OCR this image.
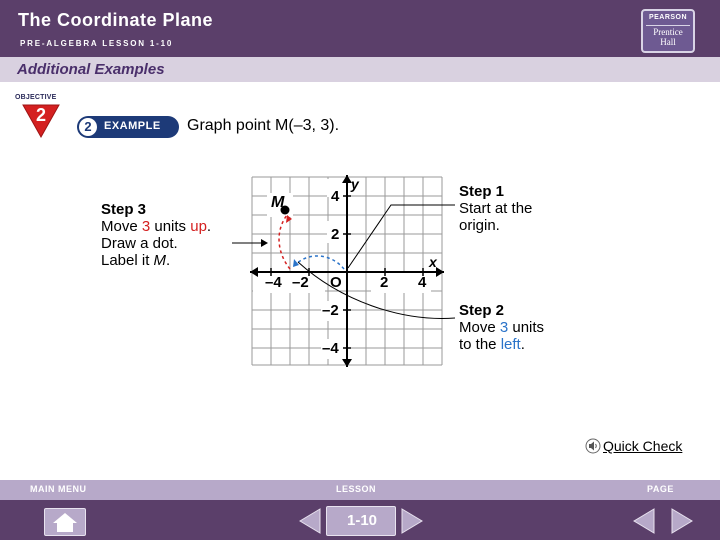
The Coordinate Plane
PRE-ALGEBRA LESSON 1-10
PEARSON
Prentice
Hall
Additional Examples
OBJECTIVE
2
2	EXAMPLE Graph point M(–3, 3).
–4 –2	2 4
4
2
–2
–4
O
y
x
M
Step 3
Move 3 units up.
Draw a dot.
Label it M.
Step 1
Start at the
origin.
Step 2
Move 3 units
to the left.
Quick Check
MAIN MENU	LESSON	PAGE
1-10
